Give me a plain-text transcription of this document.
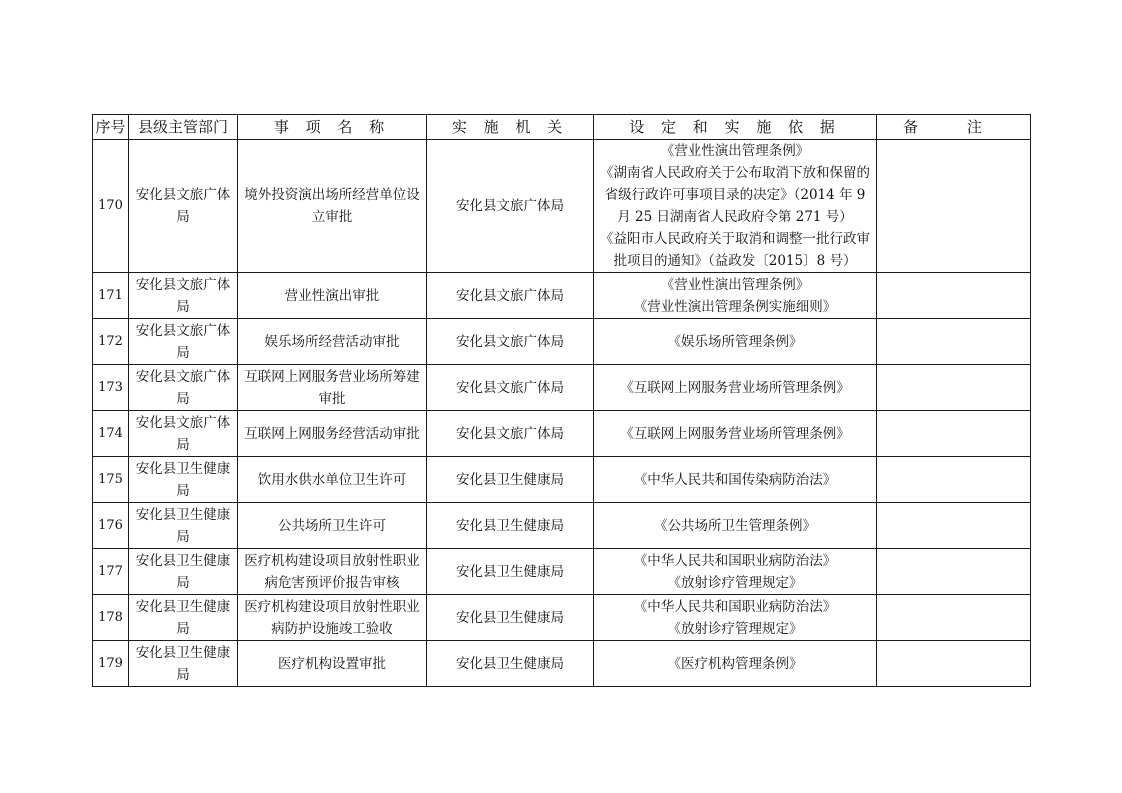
序号	县级主管部门	事 项 名 称	实 施 机 关	设 定 和 实 施 依 据	备 注
170	安化县文旅广体局	境外投资演出场所经营单位设立审批	安化县文旅广体局	《营业性演出管理条例》
《湖南省人民政府关于公布取消下放和保留的省级行政许可事项目录的决定》（2014 年 9 月 25 日湖南省人民政府令第 271 号）
《益阳市人民政府关于取消和调整一批行政审批项目的通知》（益政发〔2015〕8 号）	

171	安化县文旅广体局	营业性演出审批	安化县文旅广体局	《营业性演出管理条例》
《营业性演出管理条例实施细则》	

172	安化县文旅广体局	娱乐场所经营活动审批	安化县文旅广体局	《娱乐场所管理条例》	

173	安化县文旅广体局	互联网上网服务营业场所筹建审批	安化县文旅广体局	《互联网上网服务营业场所管理条例》	

174	安化县文旅广体局	互联网上网服务经营活动审批	安化县文旅广体局	《互联网上网服务营业场所管理条例》	

175	安化县卫生健康局	饮用水供水单位卫生许可	安化县卫生健康局	《中华人民共和国传染病防治法》	

176	安化县卫生健康局	公共场所卫生许可	安化县卫生健康局	《公共场所卫生管理条例》	

177	安化县卫生健康局	医疗机构建设项目放射性职业病危害预评价报告审核	安化县卫生健康局	《中华人民共和国职业病防治法》
《放射诊疗管理规定》	

178	安化县卫生健康局	医疗机构建设项目放射性职业病防护设施竣工验收	安化县卫生健康局	《中华人民共和国职业病防治法》
《放射诊疗管理规定》	

179	安化县卫生健康局	医疗机构设置审批	安化县卫生健康局	《医疗机构管理条例》	
